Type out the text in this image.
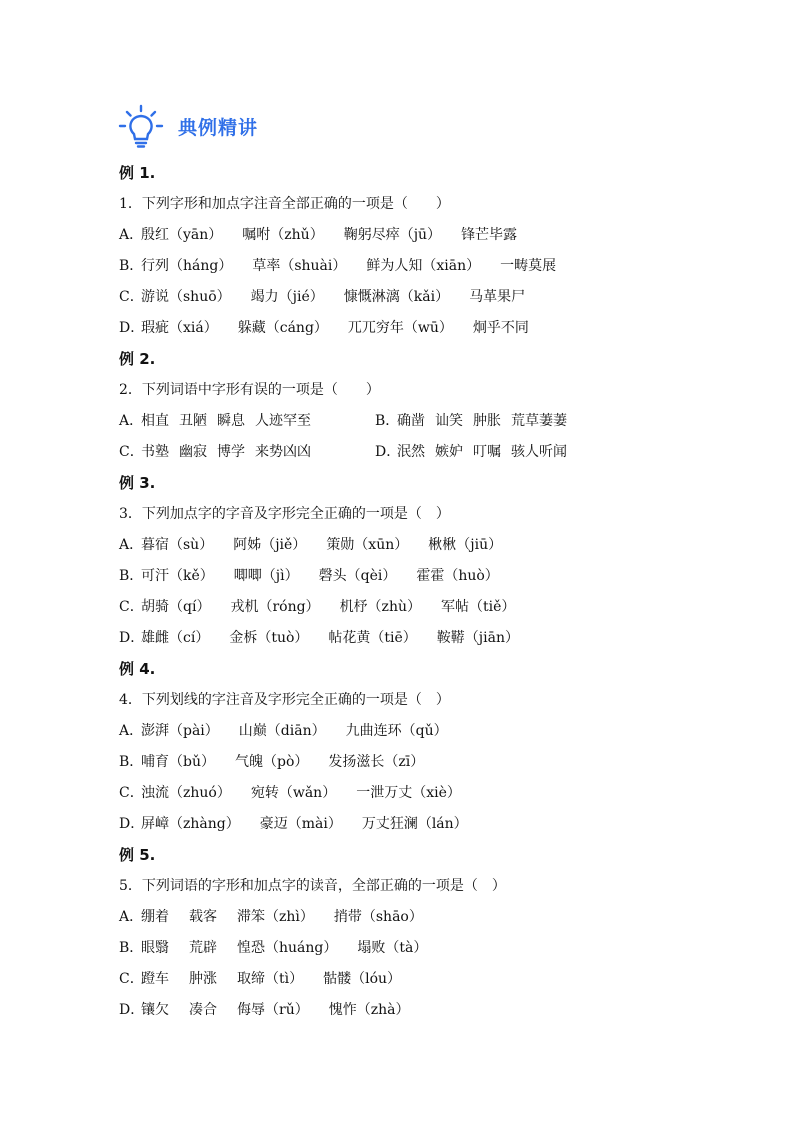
典例精讲
例 1.
1．下列字形和加点字注音全部正确的一项是（　　）
A．
殷红（yān） 嘱咐（zhǔ） 鞠躬尽瘁（jū） 锋芒毕露
B．
行列（háng） 草率（shuài） 鲜为人知（xiān） 一畴莫展
C．
游说（shuō） 竭力（jié） 慷慨淋漓（kǎi） 马革果尸
D．
瑕疵（xiá） 躲藏（cáng） 兀兀穷年（wū） 炯乎不同
例 2.
2．下列词语中字形有误的一项是（　　）
A．相直 丑陋 瞬息 人迹罕至	B．确凿 讪笑 肿胀 荒草萋萋
C．书塾 幽寂 博学 来势凶凶	D．泯然 嫉妒 叮嘱 骇人听闻
例 3.
3．下列加点字的字音及字形完全正确的一项是（　）
A．
暮宿（sù） 阿姊（jiě） 策勋（xūn） 楸楸（jiū）
B．
可汗（kě） 唧唧（jì） 磬头（qèi） 霍霍（huò）
C．
胡骑（qí） 戎机（róng） 机杼（zhù） 军帖（tiě）
D．
雄雌（cí） 金柝（tuò） 帖花黄（tiē） 鞍鞯（jiān）
例 4.
4．下列划线的字注音及字形完全正确的一项是（　）
A．
澎湃（pài） 山巅（diān） 九曲连环（qǔ）
B．
哺育（bǔ） 气魄（pò） 发扬滋长（zī）
C．
浊流（zhuó） 宛转（wǎn） 一泄万丈（xiè）
D．
屏嶂（zhàng） 豪迈（mài） 万丈狂澜（lán）
例 5.
5．下列词语的字形和加点字的读音，全部正确的一项是（　）
A．
绷着 载客 滞笨（zhì） 捎带（shāo）
B．
眼翳 荒辟 惶恐（huáng） 塌败（tà）
C．
蹬车 肿涨 取缔（tì） 骷髅（lóu）
D．
镶欠 凑合 侮辱（rǔ） 愧怍（zhà）
